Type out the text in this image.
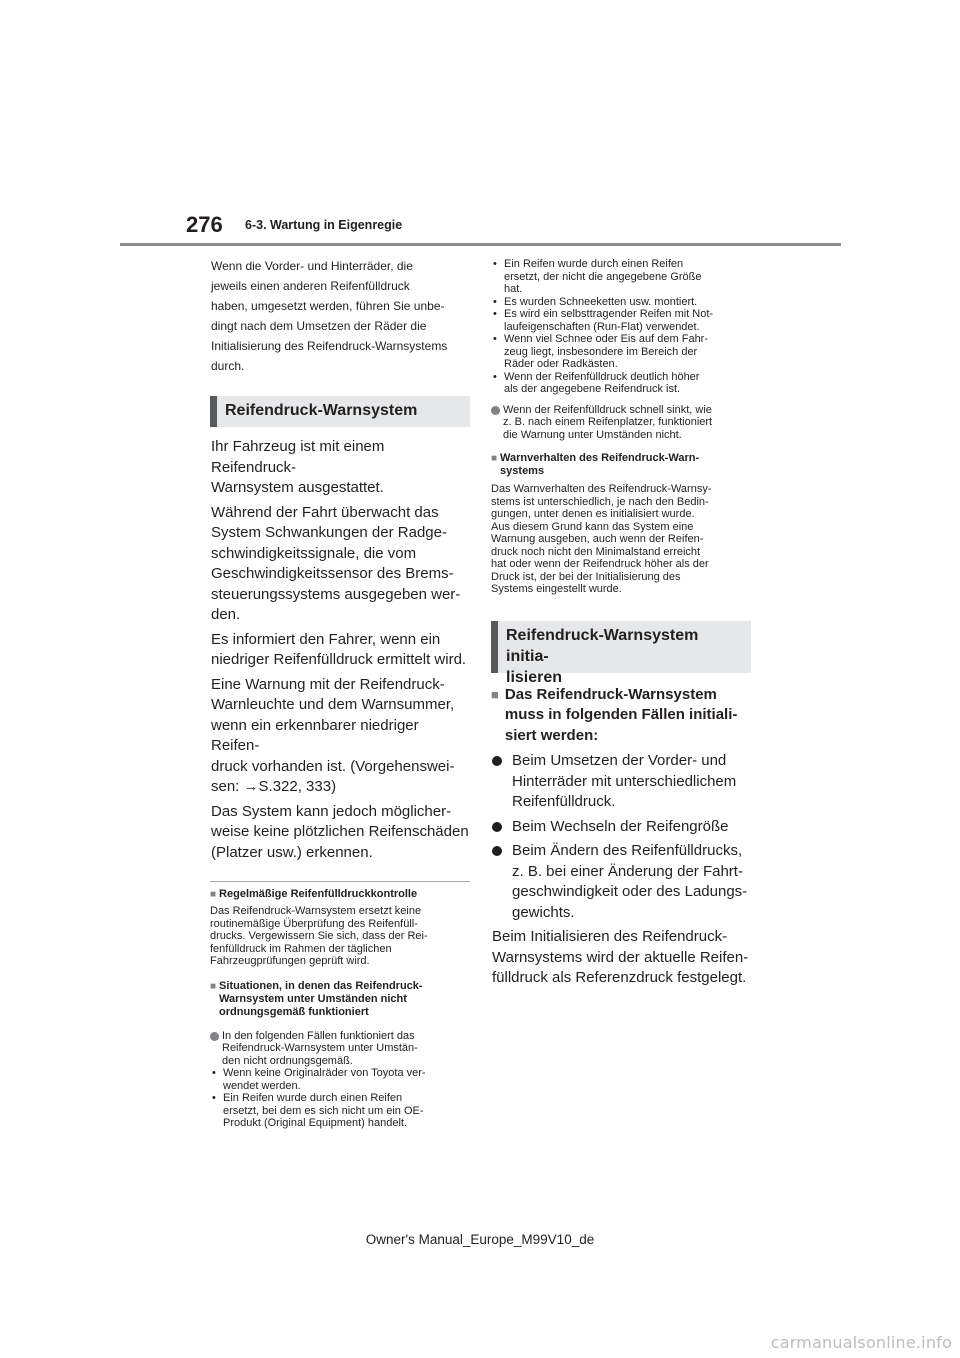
276 6-3. Wartung in Eigenregie
Wenn die Vorder- und Hinterräder, die
jeweils einen anderen Reifenfülldruck
haben, umgesetzt werden, führen Sie unbe-
dingt nach dem Umsetzen der Räder die
Initialisierung des Reifendruck-Warnsystems
durch.
Reifendruck-Warnsystem
Ihr Fahrzeug ist mit einem Reifendruck-
Warnsystem ausgestattet.
Während der Fahrt überwacht das
System Schwankungen der Radge-
schwindigkeitssignale, die vom
Geschwindigkeitssensor des Brems-
steuerungssystems ausgegeben wer-
den.
Es informiert den Fahrer, wenn ein
niedriger Reifenfülldruck ermittelt wird.
Eine Warnung mit der Reifendruck-
Warnleuchte und dem Warnsummer,
wenn ein erkennbarer niedriger Reifen-
druck vorhanden ist. (Vorgehenswei-
sen: →S.322, 333)
Das System kann jedoch möglicher-
weise keine plötzlichen Reifenschäden
(Platzer usw.) erkennen.
■ Regelmäßige Reifenfülldruckkontrolle
Das Reifendruck-Warnsystem ersetzt keine
routinemäßige Überprüfung des Reifenfüll-
drucks. Vergewissern Sie sich, dass der Rei-
fenfülldruck im Rahmen der täglichen
Fahrzeugprüfungen geprüft wird.
■ Situationen, in denen das Reifendruck-
Warnsystem unter Umständen nicht
ordnungsgemäß funktioniert
In den folgenden Fällen funktioniert das
Reifendruck-Warnsystem unter Umstän-
den nicht ordnungsgemäß.
• Wenn keine Originalräder von Toyota ver-
wendet werden.
• Ein Reifen wurde durch einen Reifen
ersetzt, bei dem es sich nicht um ein OE-
Produkt (Original Equipment) handelt.
• Ein Reifen wurde durch einen Reifen
ersetzt, der nicht die angegebene Größe
hat.
• Es wurden Schneeketten usw. montiert.
• Es wird ein selbsttragender Reifen mit Not-
laufeigenschaften (Run-Flat) verwendet.
• Wenn viel Schnee oder Eis auf dem Fahr-
zeug liegt, insbesondere im Bereich der
Räder oder Radkästen.
• Wenn der Reifenfülldruck deutlich höher
als der angegebene Reifendruck ist.
Wenn der Reifenfülldruck schnell sinkt, wie
z. B. nach einem Reifenplatzer, funktioniert
die Warnung unter Umständen nicht.
■ Warnverhalten des Reifendruck-Warn-
systems
Das Warnverhalten des Reifendruck-Warnsy-
stems ist unterschiedlich, je nach den Bedin-
gungen, unter denen es initialisiert wurde.
Aus diesem Grund kann das System eine
Warnung ausgeben, auch wenn der Reifen-
druck noch nicht den Minimalstand erreicht
hat oder wenn der Reifendruck höher als der
Druck ist, der bei der Initialisierung des
Systems eingestellt wurde.
Reifendruck-Warnsystem initia-
lisieren
■ Das Reifendruck-Warnsystem
muss in folgenden Fällen initiali-
siert werden:
Beim Umsetzen der Vorder- und
Hinterräder mit unterschiedlichem
Reifenfülldruck.
Beim Wechseln der Reifengröße
Beim Ändern des Reifenfülldrucks,
z. B. bei einer Änderung der Fahrt-
geschwindigkeit oder des Ladungs-
gewichts.
Beim Initialisieren des Reifendruck-
Warnsystems wird der aktuelle Reifen-
fülldruck als Referenzdruck festgelegt.
Owner's Manual_Europe_M99V10_de
carmanualsonline.info
